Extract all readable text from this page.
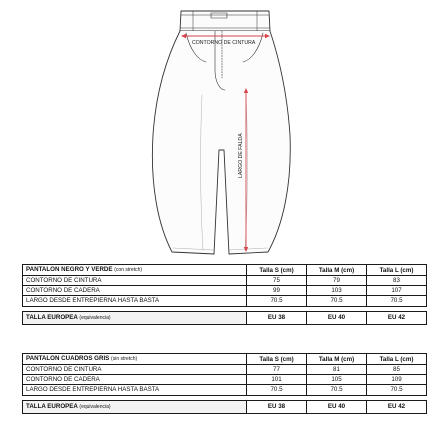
CONTORNO DE CINTURA
LARGO DE FALDA
PANTALON NEGRO Y VERDE (con stretch)	Talla S (cm)	Talla M (cm)	Talla L (cm)
CONTORNO DE CINTURA	75	79	83
CONTORNO DE CADERA	99	103	107
LARGO DESDE ENTREPIERNA HASTA BASTA	70.5	70.5	70.5

TALLA EUROPEA (equivalencia)	EU 38	EU 40	EU 42
PANTALON CUADROS GRIS (sin stretch)	Talla S (cm)	Talla M (cm)	Talla L (cm)
CONTORNO DE CINTURA	77	81	85
CONTORNO DE CADERA	101	105	109
LARGO DESDE ENTREPIERNA HASTA BASTA	70.5	70.5	70.5

TALLA EUROPEA (equivalencia)	EU 38	EU 40	EU 42
